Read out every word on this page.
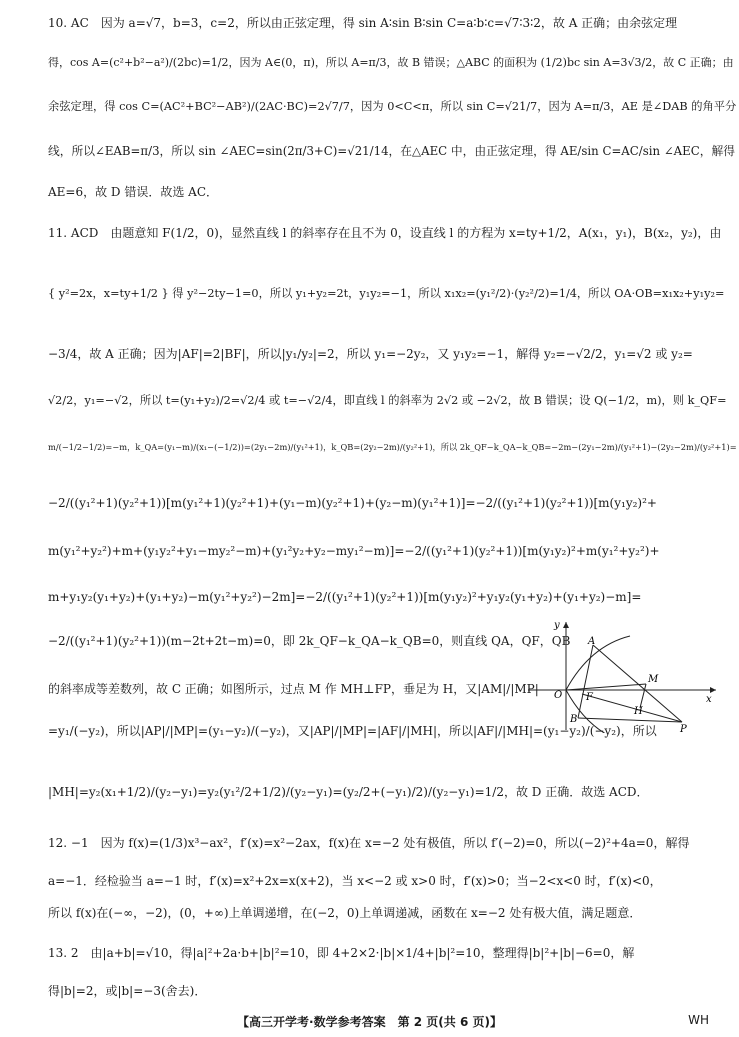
10. AC　因为 a=√7，b=3，c=2，所以由正弦定理，得 sin A∶sin B∶sin C=a∶b∶c=√7∶3∶2，故 A 正确；由余弦定理
得，cos A=(c²+b²−a²)/(2bc)=1/2，因为 A∈(0，π)，所以 A=π/3，故 B 错误；△ABC 的面积为 (1/2)bc sin A=3√3/2，故 C 正确；由
余弦定理，得 cos C=(AC²+BC²−AB²)/(2AC·BC)=2√7/7，因为 0<C<π，所以 sin C=√21/7，因为 A=π/3，AE 是∠DAB 的角平分
线，所以∠EAB=π/3，所以 sin ∠AEC=sin(2π/3+C)=√21/14，在△AEC 中，由正弦定理，得 AE/sin C=AC/sin ∠AEC，解得
AE=6，故 D 错误．故选 AC．
11. ACD　由题意知 F(1/2，0)，显然直线 l 的斜率存在且不为 0，设直线 l 的方程为 x=ty+1/2，A(x₁，y₁)，B(x₂，y₂)，由
{ y²=2x，x=ty+1/2 } 得 y²−2ty−1=0，所以 y₁+y₂=2t，y₁y₂=−1，所以 x₁x₂=(y₁²/2)·(y₂²/2)=1/4，所以 OA·OB=x₁x₂+y₁y₂=
−3/4，故 A 正确；因为|AF|=2|BF|，所以|y₁/y₂|=2，所以 y₁=−2y₂，又 y₁y₂=−1，解得 y₂=−√2/2，y₁=√2 或 y₂=
√2/2，y₁=−√2，所以 t=(y₁+y₂)/2=√2/4 或 t=−√2/4，即直线 l 的斜率为 2√2 或 −2√2，故 B 错误；设 Q(−1/2，m)，则 k_QF=
m/(−1/2−1/2)=−m，k_QA=(y₁−m)/(x₁−(−1/2))=(2y₁−2m)/(y₁²+1)，k_QB=(2y₂−2m)/(y₂²+1)，所以 2k_QF−k_QA−k_QB=−2m−(2y₁−2m)/(y₁²+1)−(2y₂−2m)/(y₂²+1)=
−2/((y₁²+1)(y₂²+1))[m(y₁²+1)(y₂²+1)+(y₁−m)(y₂²+1)+(y₂−m)(y₁²+1)]=−2/((y₁²+1)(y₂²+1))[m(y₁y₂)²+
m(y₁²+y₂²)+m+(y₁y₂²+y₁−my₂²−m)+(y₁²y₂+y₂−my₁²−m)]=−2/((y₁²+1)(y₂²+1))[m(y₁y₂)²+m(y₁²+y₂²)+
m+y₁y₂(y₁+y₂)+(y₁+y₂)−m(y₁²+y₂²)−2m]=−2/((y₁²+1)(y₂²+1))[m(y₁y₂)²+y₁y₂(y₁+y₂)+(y₁+y₂)−m]=
−2/((y₁²+1)(y₂²+1))(m−2t+2t−m)=0，即 2k_QF−k_QA−k_QB=0，则直线 QA，QF，QB
的斜率成等差数列，故 C 正确；如图所示，过点 M 作 MH⊥FP，垂足为 H，又|AM|/|MP|
=y₁/(−y₂)，所以|AP|/|MP|=(y₁−y₂)/(−y₂)，又|AP|/|MP|=|AF|/|MH|，所以|AF|/|MH|=(y₁−y₂)/(−y₂)，所以
|MH|=y₂(x₁+1/2)/(y₂−y₁)=y₂(y₁²/2+1/2)/(y₂−y₁)=(y₂/2+(−y₁)/2)/(y₂−y₁)=1/2，故 D 正确．故选 ACD．
12. −1　因为 f(x)=(1/3)x³−ax²，f′(x)=x²−2ax，f(x)在 x=−2 处有极值，所以 f′(−2)=0，所以(−2)²+4a=0，解得
a=−1．经检验当 a=−1 时，f′(x)=x²+2x=x(x+2)，当 x<−2 或 x>0 时，f′(x)>0；当−2<x<0 时，f′(x)<0，
所以 f(x)在(−∞，−2)，(0，+∞)上单调递增，在(−2，0)上单调递减，函数在 x=−2 处有极大值，满足题意．
13. 2　由|a+b|=√10，得|a|²+2a·b+|b|²=10，即 4+2×2·|b|×1/4+|b|²=10，整理得|b|²+|b|−6=0，解
得|b|=2，或|b|=−3(舍去)．
y
A
M
O F	x
H
B
P
【高三开学考·数学参考答案　第 2 页(共 6 页)】	WH
